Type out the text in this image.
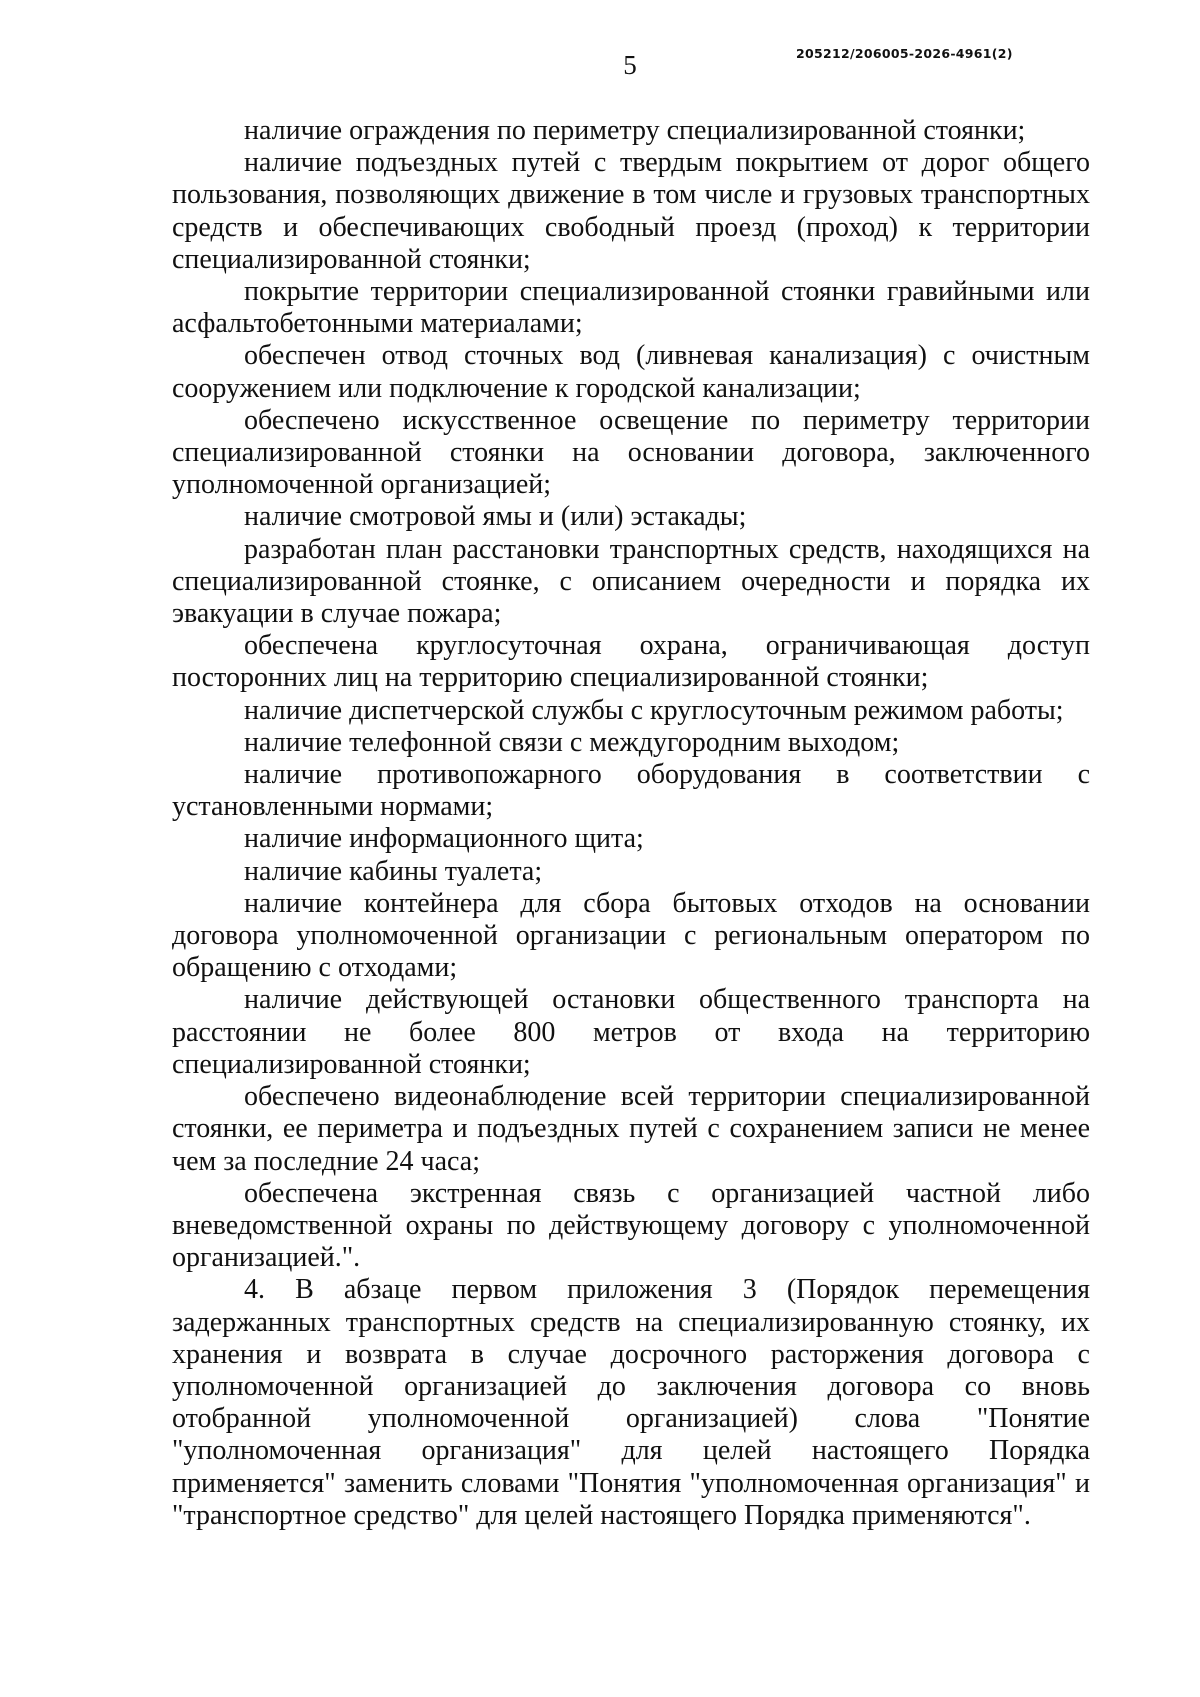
5	205212/206005-2026-4961(2)

наличие ограждения по периметру специализированной стоянки;

наличие подъездных путей с твердым покрытием от дорог общего пользования, позволяющих движение в том числе и грузовых транспортных средств и обеспечивающих свободный проезд (проход) к территории специализированной стоянки;

покрытие территории специализированной стоянки гравийными или асфальтобетонными материалами;

обеспечен отвод сточных вод (ливневая канализация) с очистным сооружением или подключение к городской канализации;

обеспечено искусственное освещение по периметру территории специализированной стоянки на основании договора, заключенного уполномоченной организацией;

наличие смотровой ямы и (или) эстакады;

разработан план расстановки транспортных средств, находящихся на специализированной стоянке, с описанием очередности и порядка их эвакуации в случае пожара;

обеспечена круглосуточная охрана, ограничивающая доступ посторонних лиц на территорию специализированной стоянки;

наличие диспетчерской службы с круглосуточным режимом работы;

наличие телефонной связи с междугородним выходом;

наличие противопожарного оборудования в соответствии с установленными нормами;

наличие информационного щита;

наличие кабины туалета;

наличие контейнера для сбора бытовых отходов на основании договора уполномоченной организации с региональным оператором по обращению с отходами;

наличие действующей остановки общественного транспорта на расстоянии не более 800 метров от входа на территорию специализированной стоянки;

обеспечено видеонаблюдение всей территории специализированной стоянки, ее периметра и подъездных путей с сохранением записи не менее чем за последние 24 часа;

обеспечена экстренная связь с организацией частной либо вневедомственной охраны по действующему договору с уполномоченной организацией.".

4. В абзаце первом приложения 3 (Порядок перемещения задержанных транспортных средств на специализированную стоянку, их хранения и возврата в случае досрочного расторжения договора с уполномоченной организацией до заключения договора со вновь отобранной уполномоченной организацией) слова "Понятие "уполномоченная организация" для целей настоящего Порядка применяется" заменить словами "Понятия "уполномоченная организация" и "транспортное средство" для целей настоящего Порядка применяются".
